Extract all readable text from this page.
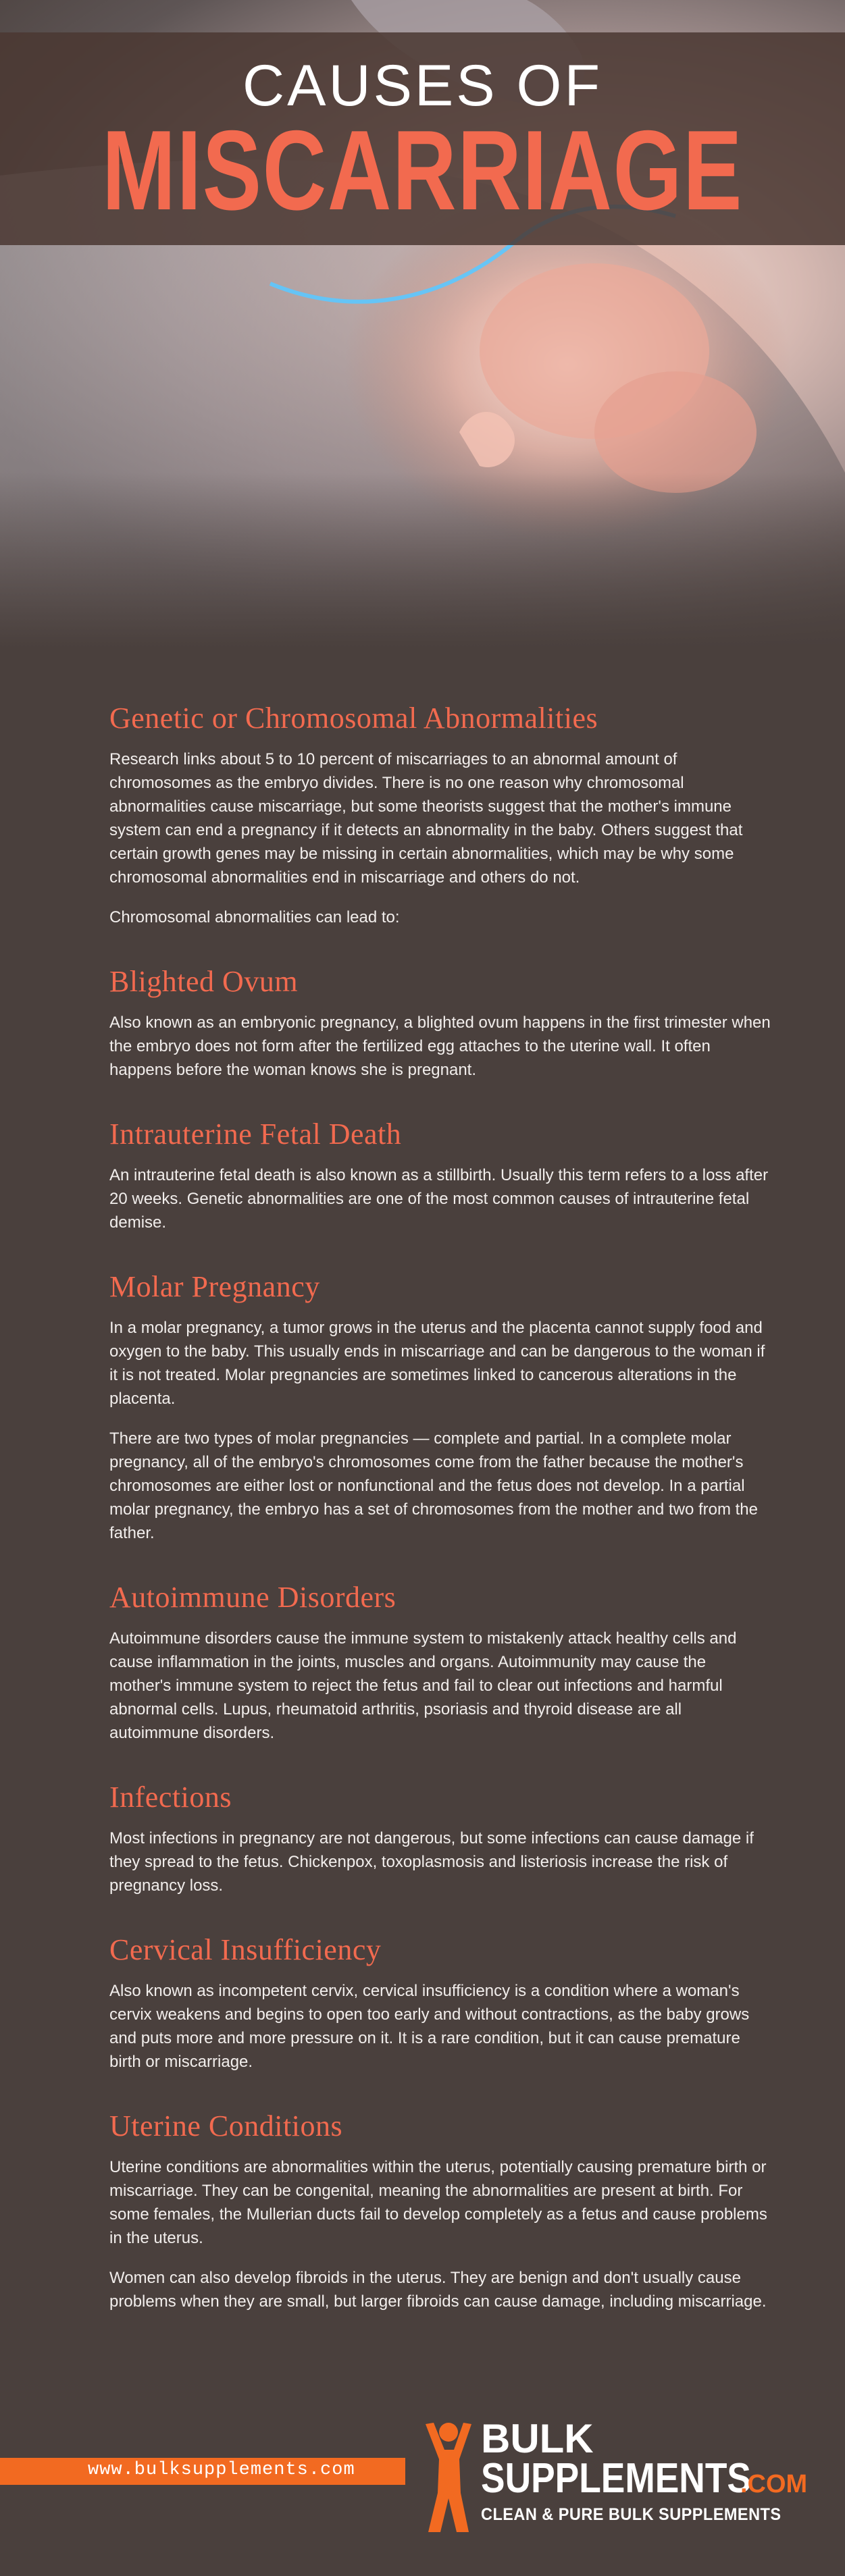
CAUSES OF
MISCARRIAGE
Genetic or Chromosomal Abnormalities

Research links about 5 to 10 percent of miscarriages to an abnormal amount of chromosomes as the embryo divides. There is no one reason why chromosomal abnormalities cause miscarriage, but some theorists suggest that the mother's immune system can end a pregnancy if it detects an abnormality in the baby. Others suggest that certain growth genes may be missing in certain abnormalities, which may be why some chromosomal abnormalities end in miscarriage and others do not.

Chromosomal abnormalities can lead to:

Blighted Ovum

Also known as an embryonic pregnancy, a blighted ovum happens in the first trimester when the embryo does not form after the fertilized egg attaches to the uterine wall. It often happens before the woman knows she is pregnant.

Intrauterine Fetal Death

An intrauterine fetal death is also known as a stillbirth. Usually this term refers to a loss after 20 weeks. Genetic abnormalities are one of the most common causes of intrauterine fetal demise.

Molar Pregnancy

In a molar pregnancy, a tumor grows in the uterus and the placenta cannot supply food and oxygen to the baby. This usually ends in miscarriage and can be dangerous to the woman if it is not treated. Molar pregnancies are sometimes linked to cancerous alterations in the placenta.

There are two types of molar pregnancies — complete and partial. In a complete molar pregnancy, all of the embryo's chromosomes come from the father because the mother's chromosomes are either lost or nonfunctional and the fetus does not develop. In a partial molar pregnancy, the embryo has a set of chromosomes from the mother and two from the father.

Autoimmune Disorders

Autoimmune disorders cause the immune system to mistakenly attack healthy cells and cause inflammation in the joints, muscles and organs. Autoimmunity may cause the mother's immune system to reject the fetus and fail to clear out infections and harmful abnormal cells. Lupus, rheumatoid arthritis, psoriasis and thyroid disease are all autoimmune disorders.

Infections

Most infections in pregnancy are not dangerous, but some infections can cause damage if they spread to the fetus. Chickenpox, toxoplasmosis and listeriosis increase the risk of pregnancy loss.

Cervical Insufficiency

Also known as incompetent cervix, cervical insufficiency is a condition where a woman's cervix weakens and begins to open too early and without contractions, as the baby grows and puts more and more pressure on it. It is a rare condition, but it can cause premature birth or miscarriage.

Uterine Conditions

Uterine conditions are abnormalities within the uterus, potentially causing premature birth or miscarriage. They can be congenital, meaning the abnormalities are present at birth. For some females, the Mullerian ducts fail to develop completely as a fetus and cause problems in the uterus.

Women can also develop fibroids in the uterus. They are benign and don't usually cause problems when they are small, but larger fibroids can cause damage, including miscarriage.

www.bulksupplements.com
BULK
SUPPLEMENTS
.COM
CLEAN & PURE BULK SUPPLEMENTS
